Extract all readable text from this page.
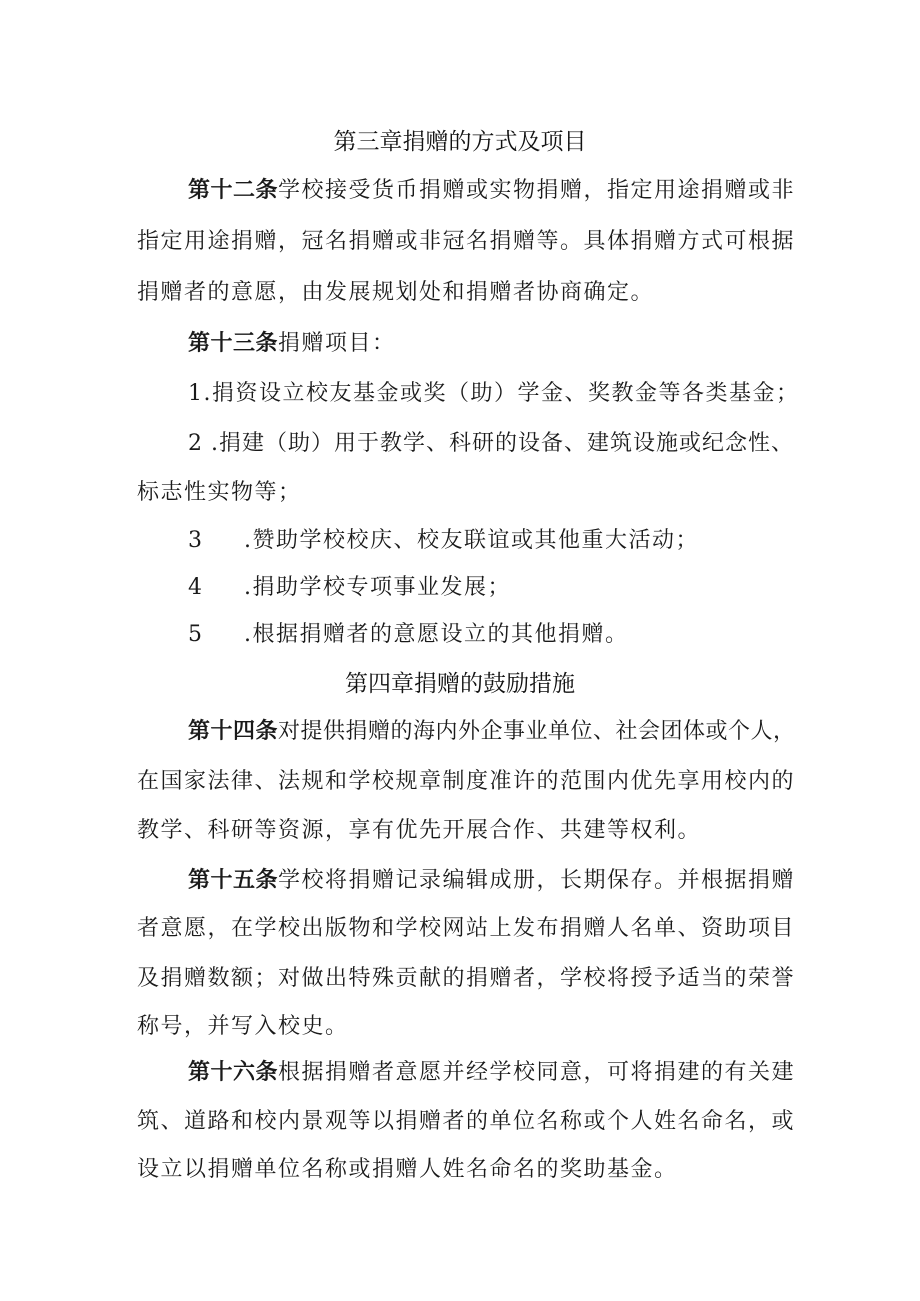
第三章捐赠的方式及项目
第十二条学校接受货币捐赠或实物捐赠，指定用途捐赠或非
指定用途捐赠，冠名捐赠或非冠名捐赠等。具体捐赠方式可根据
捐赠者的意愿，由发展规划处和捐赠者协商确定。
第十三条捐赠项目：
1.捐资设立校友基金或奖（助）学金、奖教金等各类基金；
2 .捐建（助）用于教学、科研的设备、建筑设施或纪念性、
标志性实物等；
3 .赞助学校校庆、校友联谊或其他重大活动；
4 .捐助学校专项事业发展；
5 .根据捐赠者的意愿设立的其他捐赠。
第四章捐赠的鼓励措施
第十四条对提供捐赠的海内外企事业单位、社会团体或个人，
在国家法律、法规和学校规章制度准许的范围内优先享用校内的
教学、科研等资源，享有优先开展合作、共建等权利。
第十五条学校将捐赠记录编辑成册，长期保存。并根据捐赠
者意愿，在学校出版物和学校网站上发布捐赠人名单、资助项目
及捐赠数额；对做出特殊贡献的捐赠者，学校将授予适当的荣誉
称号，并写入校史。
第十六条根据捐赠者意愿并经学校同意，可将捐建的有关建
筑、道路和校内景观等以捐赠者的单位名称或个人姓名命名，或
设立以捐赠单位名称或捐赠人姓名命名的奖助基金。
